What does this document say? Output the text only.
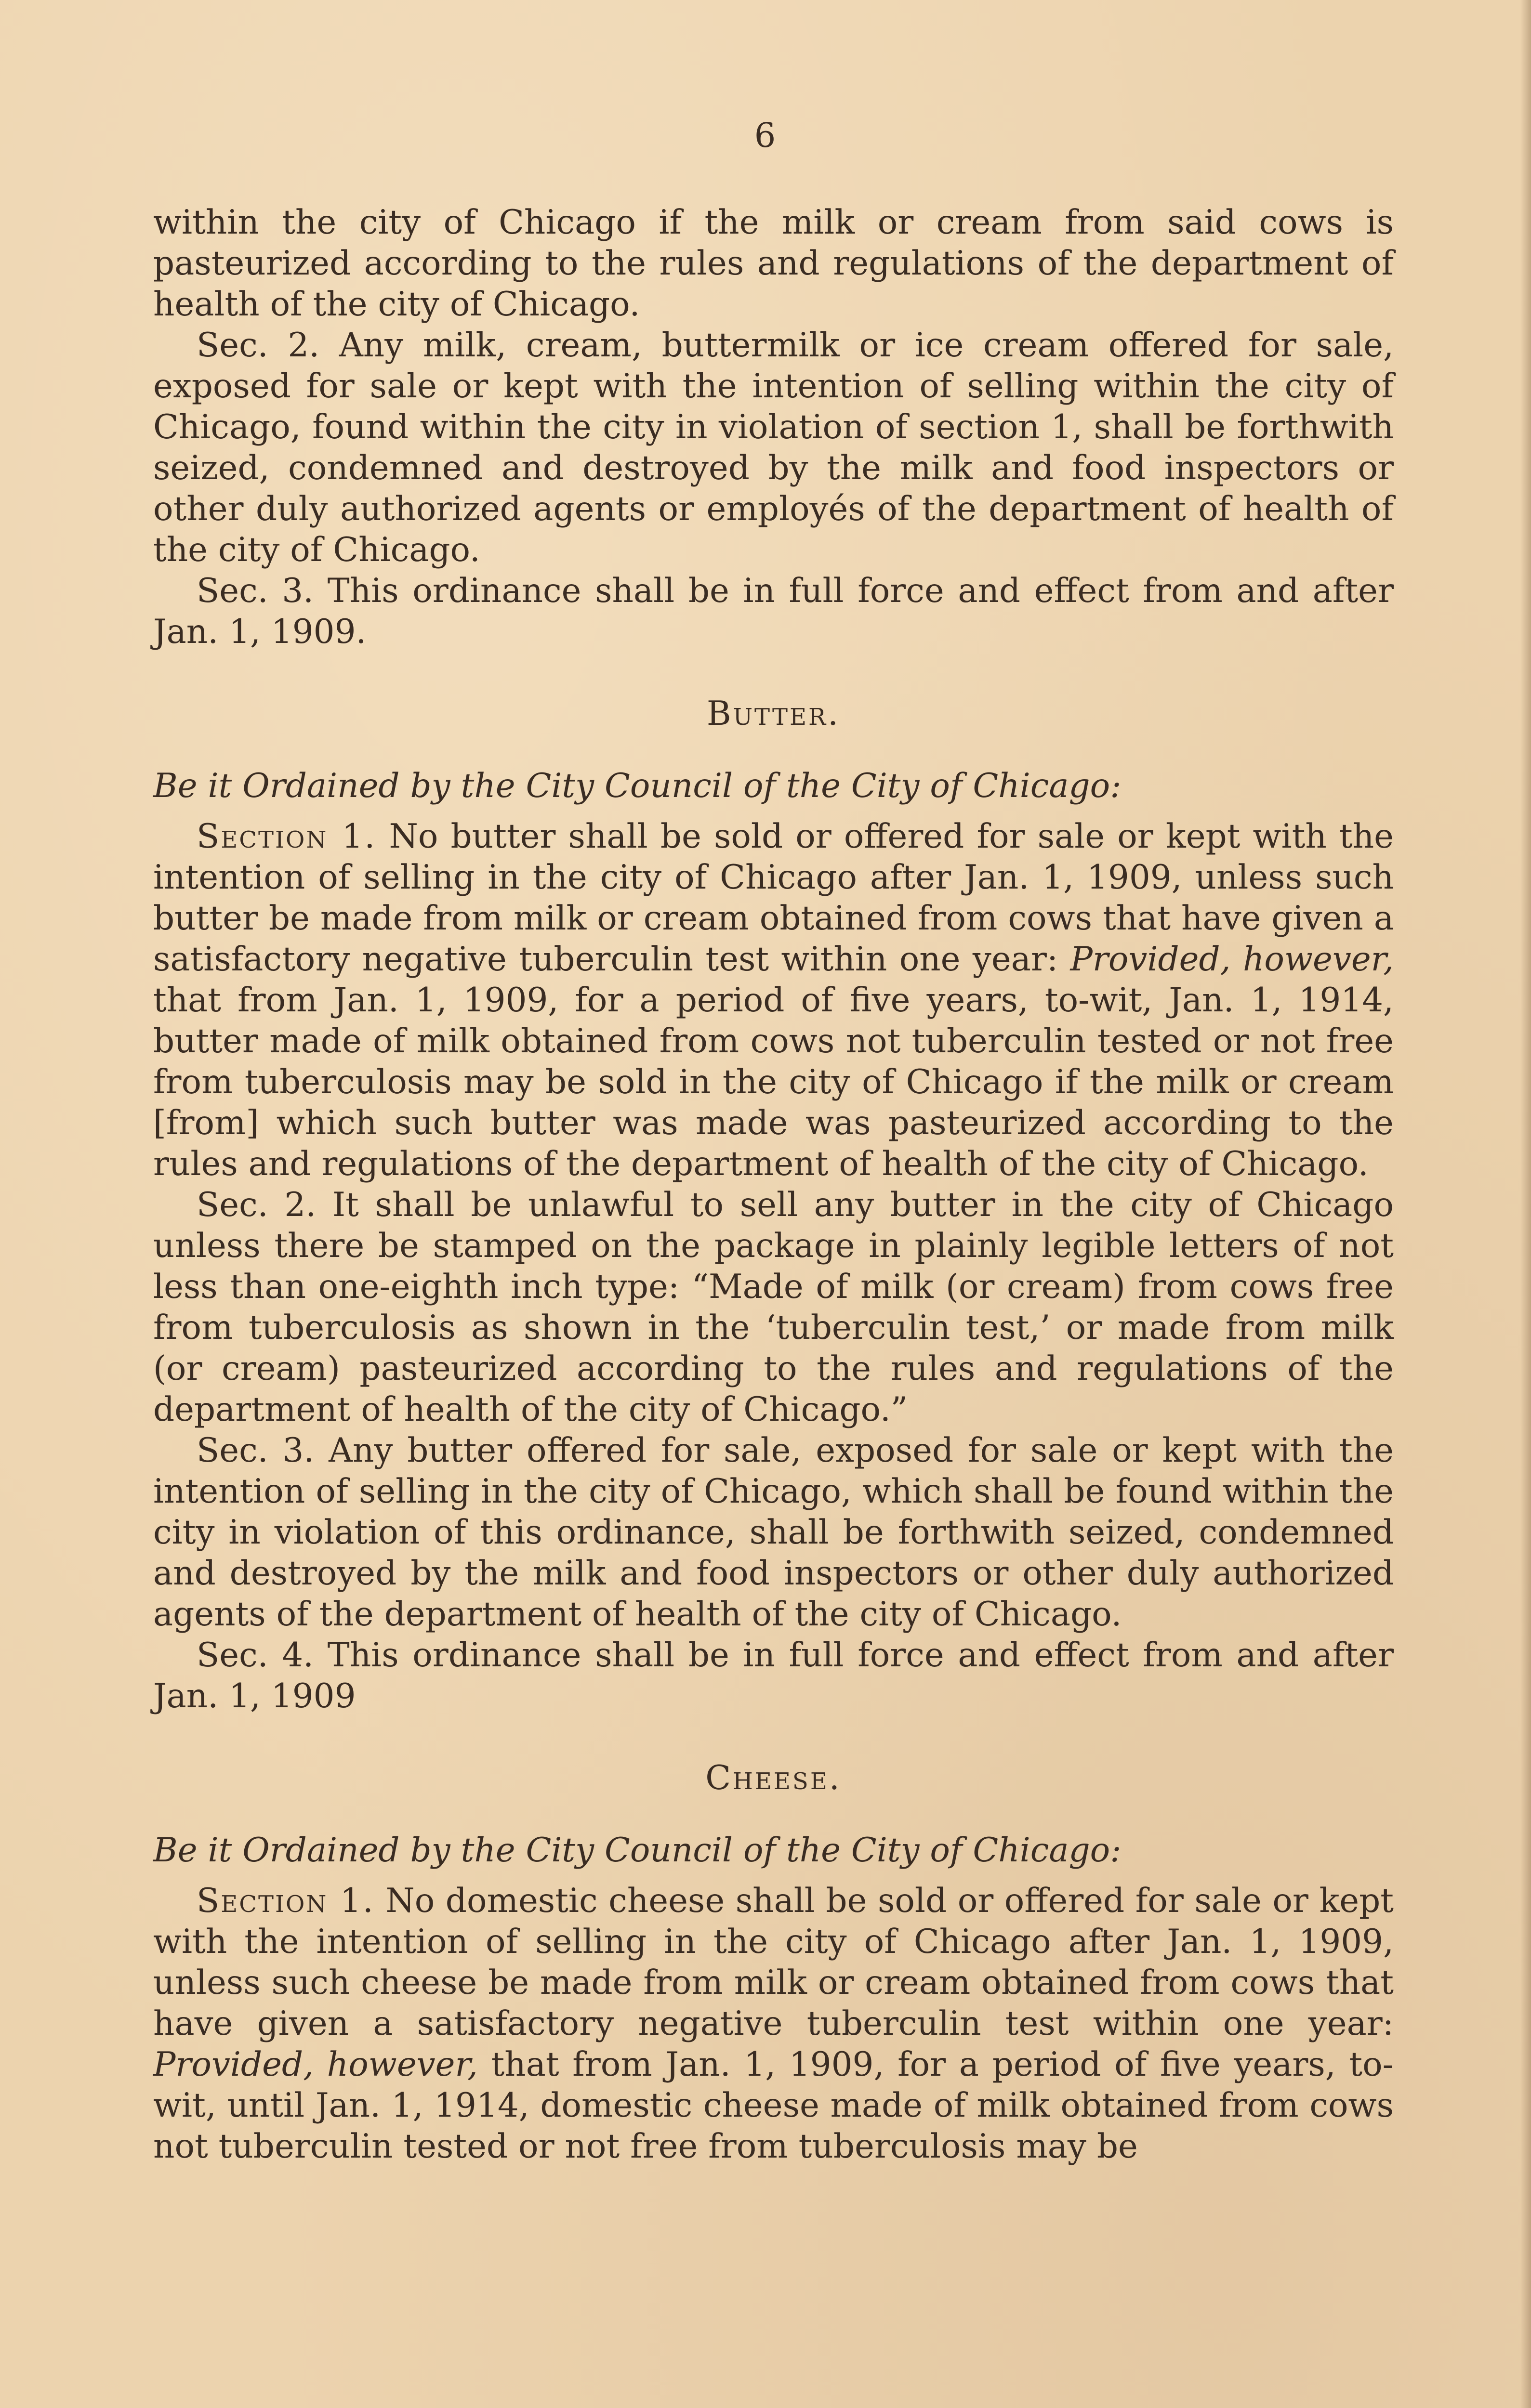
6

within the city of Chicago if the milk or cream from said cows is pasteurized according to the rules and regulations of the department of health of the city of Chicago.

Sec. 2. Any milk, cream, buttermilk or ice cream offered for sale, exposed for sale or kept with the intention of selling within the city of Chicago, found within the city in violation of section 1, shall be forthwith seized, condemned and destroyed by the milk and food inspectors or other duly authorized agents or employés of the department of health of the city of Chicago.

Sec. 3. This ordinance shall be in full force and effect from and after Jan. 1, 1909.

Butter.

Be it Ordained by the City Council of the City of Chicago:

Section 1. No butter shall be sold or offered for sale or kept with the intention of selling in the city of Chicago after Jan. 1, 1909, unless such butter be made from milk or cream obtained from cows that have given a satisfactory negative tuberculin test within one year: Provided, however, that from Jan. 1, 1909, for a period of five years, to-wit, Jan. 1, 1914, butter made of milk obtained from cows not tuberculin tested or not free from tuberculosis may be sold in the city of Chicago if the milk or cream [from] which such butter was made was pasteurized according to the rules and regulations of the department of health of the city of Chicago.

Sec. 2. It shall be unlawful to sell any butter in the city of Chicago unless there be stamped on the package in plainly legible letters of not less than one-eighth inch type: “Made of milk (or cream) from cows free from tuberculosis as shown in the ‘tuberculin test,’ or made from milk (or cream) pasteurized according to the rules and regulations of the department of health of the city of Chicago.”

Sec. 3. Any butter offered for sale, exposed for sale or kept with the intention of selling in the city of Chicago, which shall be found within the city in violation of this ordinance, shall be forthwith seized, condemned and destroyed by the milk and food inspectors or other duly authorized agents of the department of health of the city of Chicago.

Sec. 4. This ordinance shall be in full force and effect from and after Jan. 1, 1909

Cheese.

Be it Ordained by the City Council of the City of Chicago:

Section 1. No domestic cheese shall be sold or offered for sale or kept with the intention of selling in the city of Chicago after Jan. 1, 1909, unless such cheese be made from milk or cream obtained from cows that have given a satisfactory negative tuberculin test within one year: Provided, however, that from Jan. 1, 1909, for a period of five years, to-wit, until Jan. 1, 1914, domestic cheese made of milk obtained from cows not tuberculin tested or not free from tuberculosis may be
